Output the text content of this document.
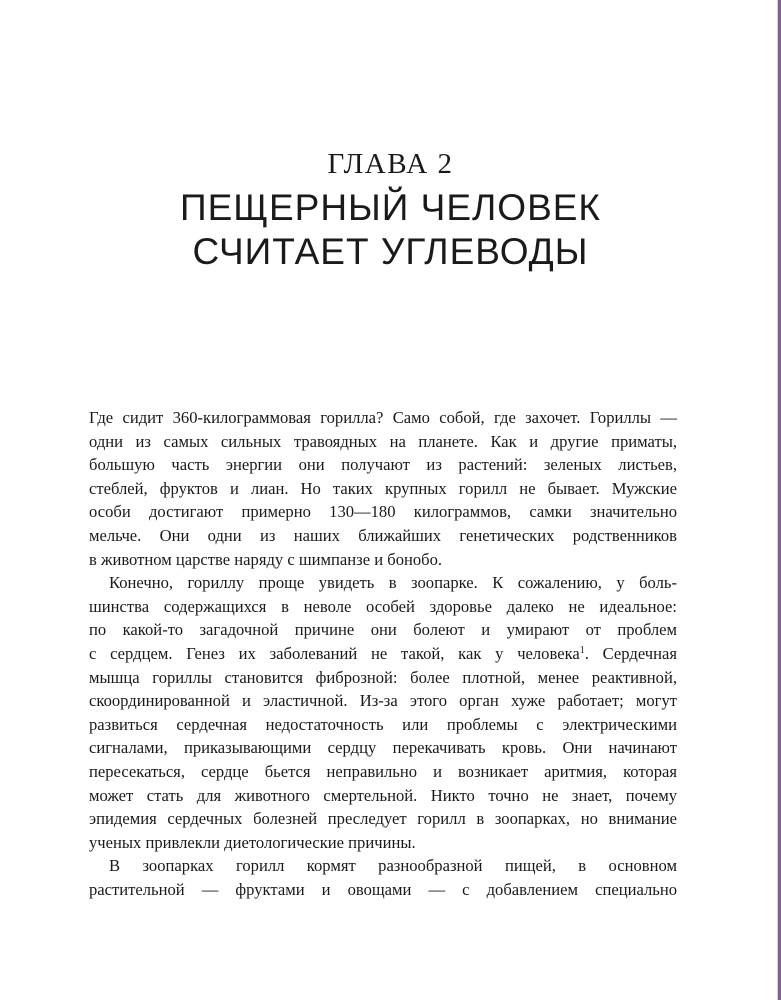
ГЛАВА 2
ПЕЩЕРНЫЙ ЧЕЛОВЕК
СЧИТАЕТ УГЛЕВОДЫ

Где сидит 360-килограммовая горилла? Само собой, где захочет. Гориллы —
одни из самых сильных травоядных на планете. Как и другие приматы,
большую часть энергии они получают из растений: зеленых листьев,
стеблей, фруктов и лиан. Но таких крупных горилл не бывает. Мужские
особи достигают примерно 130—180 килограммов, самки значительно
мельче. Они одни из наших ближайших генетических родственников
в животном царстве наряду с шимпанзе и бонобо.

Конечно, гориллу проще увидеть в зоопарке. К сожалению, у боль-
шинства содержащихся в неволе особей здоровье далеко не идеальное:
по какой-то загадочной причине они болеют и умирают от проблем
с сердцем. Генез их заболеваний не такой, как у человека$^1$. Сердечная
мышца гориллы становится фиброзной: более плотной, менее реактивной,
скоординированной и эластичной. Из-за этого орган хуже работает; могут
развиться сердечная недостаточность или проблемы с электрическими
сигналами, приказывающими сердцу перекачивать кровь. Они начинают
пересекаться, сердце бьется неправильно и возникает аритмия, которая
может стать для животного смертельной. Никто точно не знает, почему
эпидемия сердечных болезней преследует горилл в зоопарках, но внимание
ученых привлекли диетологические причины.

В зоопарках горилл кормят разнообразной пищей, в основном
растительной — фруктами и овощами — с добавлением специально
